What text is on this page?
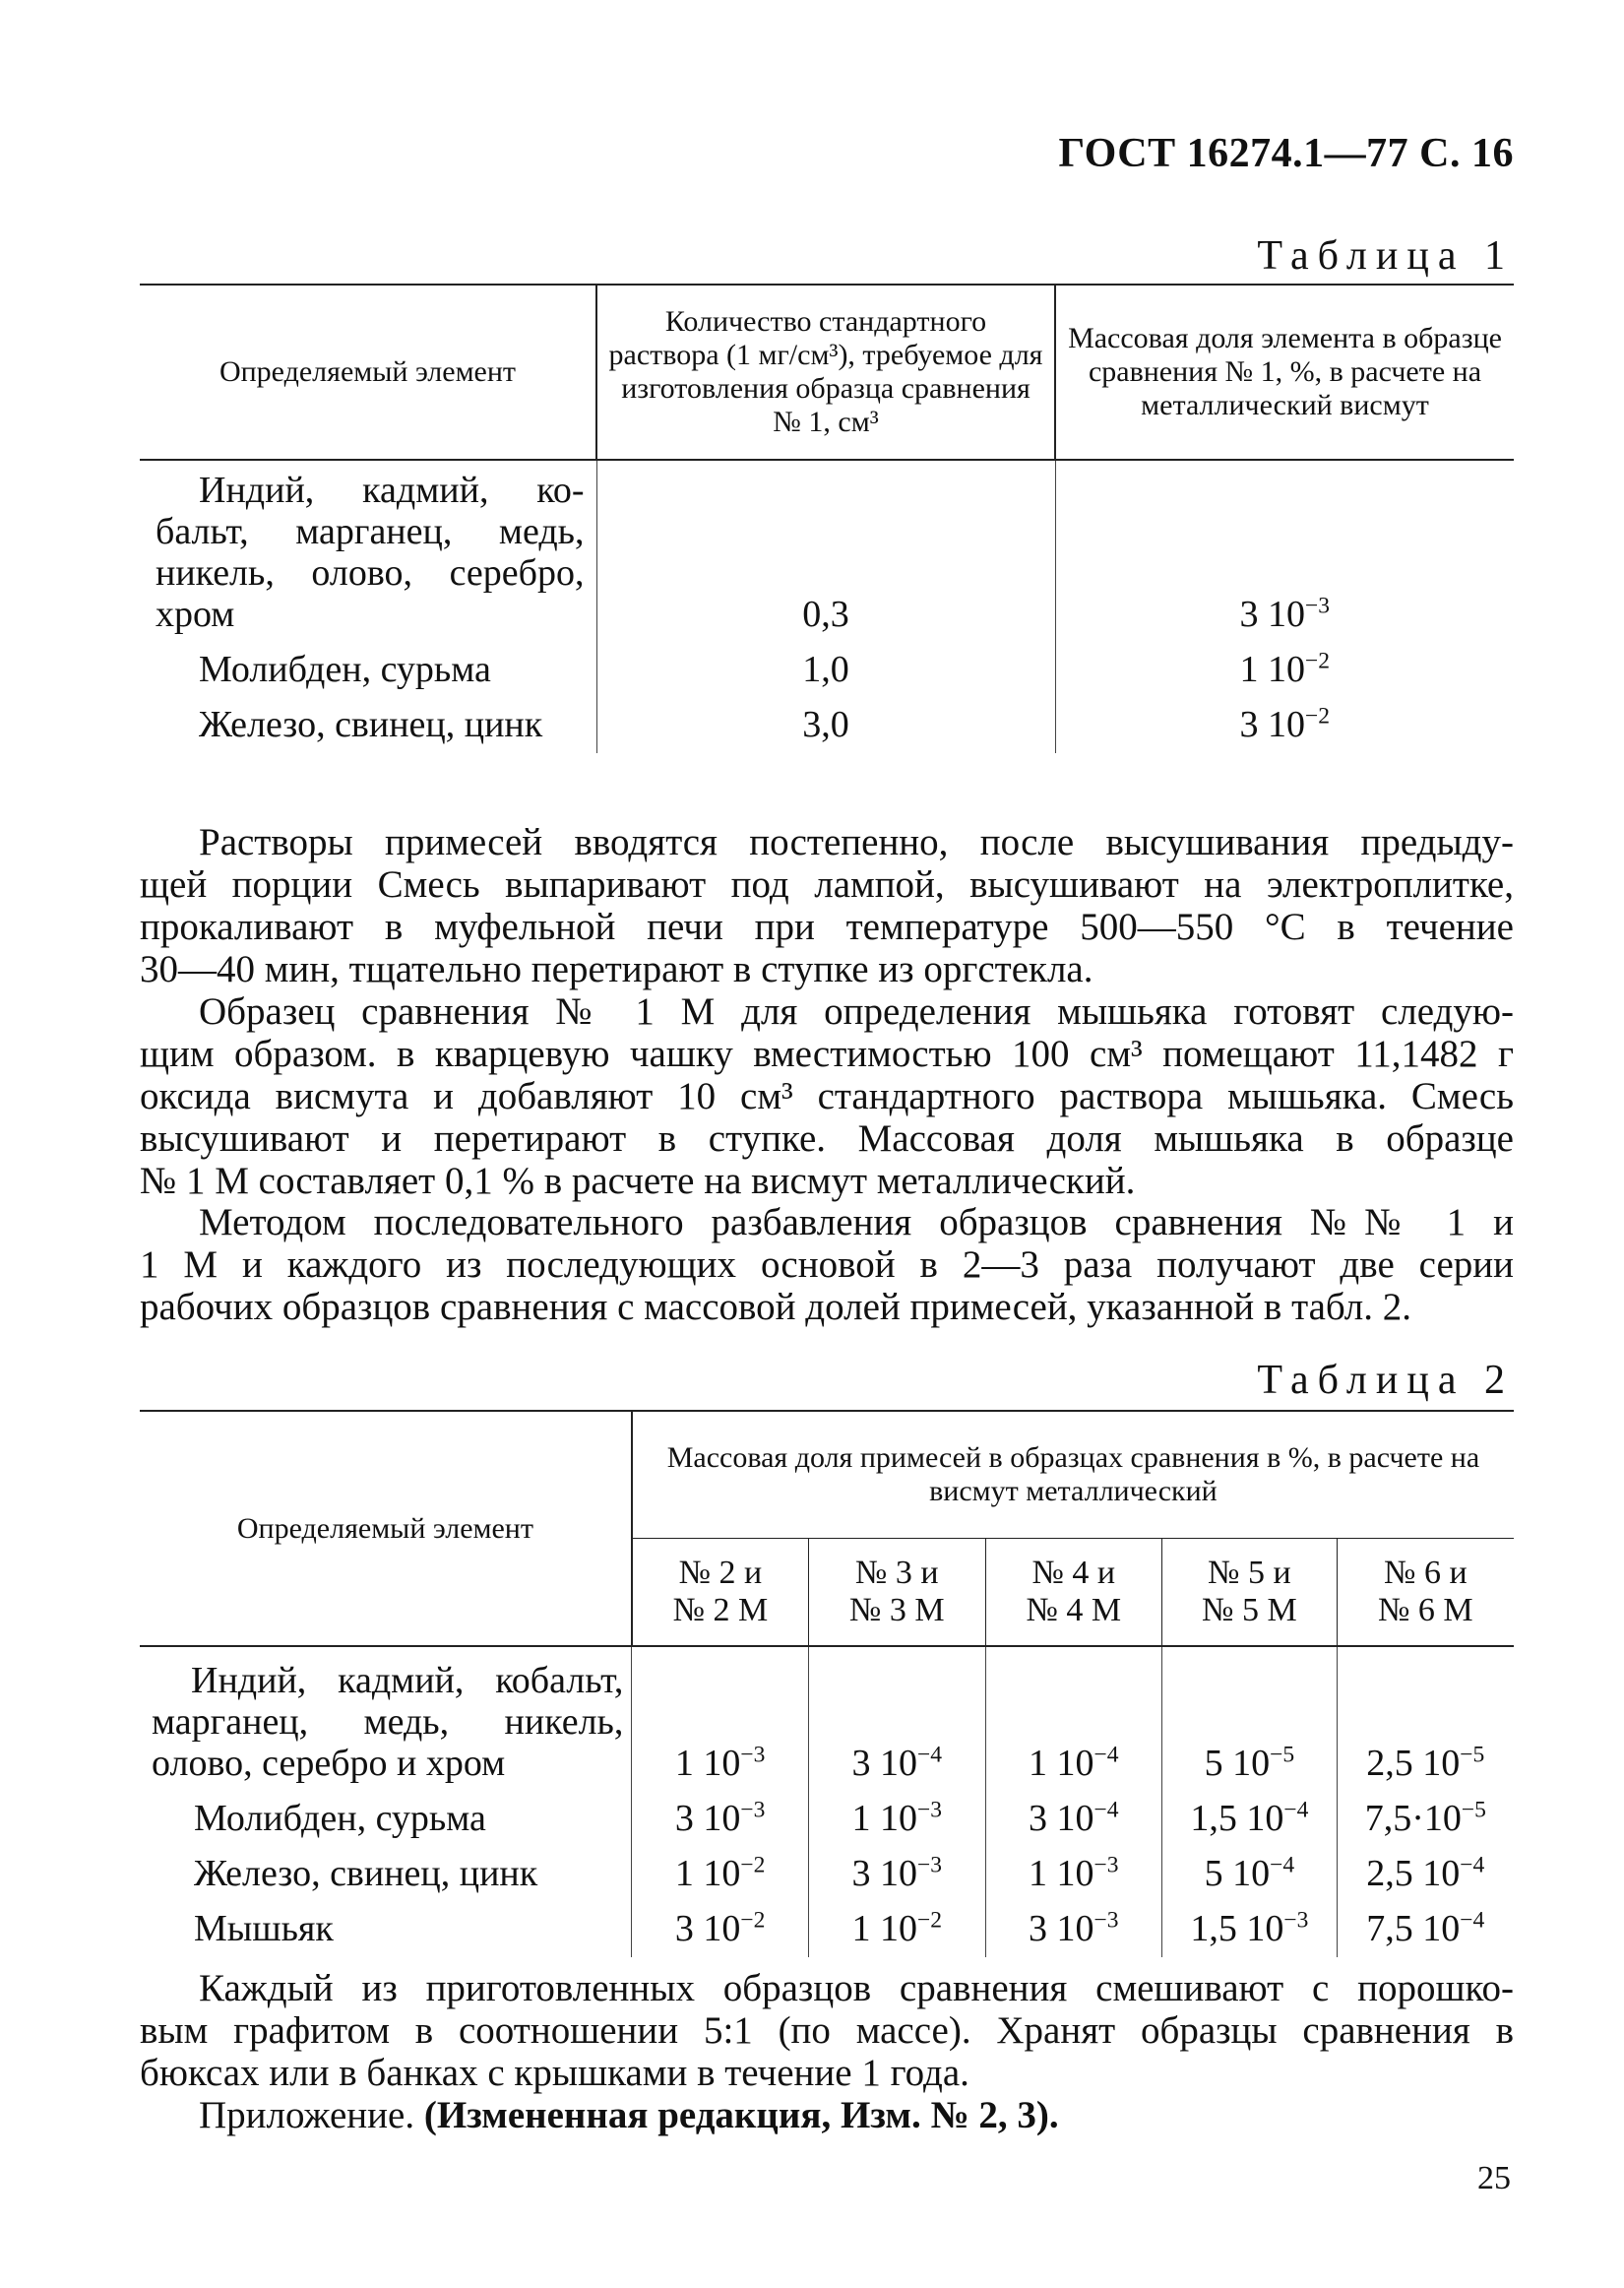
ГОСТ 16274.1—77 С. 16
Таблица 1
Определяемый элемент	Количество стандартного раствора (1 мг/см³), требуемое для изготовления образца сравнения № 1, см³	Массовая доля элемента в образце сравнения № 1, %, в расчете на металлический висмут

Индий, кадмий, ко-
бальт, марганец, медь,
никель, олово, серебро,
хром	0,3	3 $10^{-3}$
Молибден, сурьма	1,0	1 $10^{-2}$
Железо, свинец, цинк	3,0	3 $10^{-2}$
Растворы примесей вводятся постепенно, после высушивания предыду-
щей порции Смесь выпаривают под лампой, высушивают на электроплитке,
прокаливают в муфельной печи при температуре 500—550 °С в течение
30—40 мин, тщательно перетирают в ступке из оргстекла.
Образец сравнения № 1 М для определения мышьяка готовят следую-
щим образом. в кварцевую чашку вместимостью 100 см³ помещают 11,1482 г
оксида висмута и добавляют 10 см³ стандартного раствора мышьяка. Смесь
высушивают и перетирают в ступке. Массовая доля мышьяка в образце
№ 1 М составляет 0,1 % в расчете на висмут металлический.
Методом последовательного разбавления образцов сравнения №№ 1 и
1 М и каждого из последующих основой в 2—3 раза получают две серии
рабочих образцов сравнения с массовой долей примесей, указанной в табл. 2.
Таблица 2
Определяемый элемент	Массовая доля примесей в образцах сравнения в %, в расчете на висмут металлический				

	№ 2 и
№ 2 М	№ 3 и
№ 3 М	№ 4 и
№ 4 М	№ 5 и
№ 5 М	№ 6 и
№ 6 М

Индий, кадмий, кобальт,
марганец, медь, никель,
олово, серебро и хром	1 $10^{-3}$	3 $10^{-4}$	1 $10^{-4}$	5 $10^{-5}$	2,5 $10^{-5}$
Молибден, сурьма	3 $10^{-3}$	1 $10^{-3}$	3 $10^{-4}$	1,5 $10^{-4}$	$7,5\cdot 10^{-5}$
Железо, свинец, цинк	1 $10^{-2}$	3 $10^{-3}$	1 $10^{-3}$	5 $10^{-4}$	2,5 $10^{-4}$
Мышьяк	3 $10^{-2}$	1 $10^{-2}$	3 $10^{-3}$	1,5 $10^{-3}$	7,5 $10^{-4}$
Каждый из приготовленных образцов сравнения смешивают с порошко-
вым графитом в соотношении 5:1 (по массе). Хранят образцы сравнения в
бюксах или в банках с крышками в течение 1 года.
Приложение. (Измененная редакция, Изм. № 2, 3).
25
